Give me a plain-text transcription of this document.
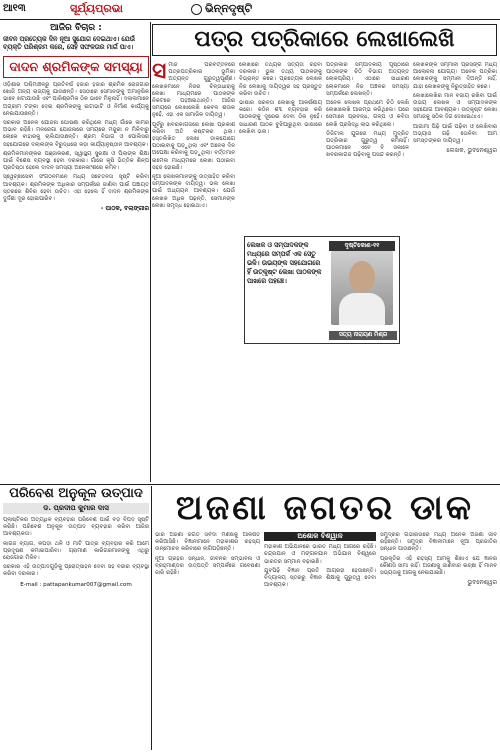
ଆ୧୩	ସୂର୍ଯ୍ୟପ୍ରଭା	ଭିନ୍ନଦୃଷ୍ଟି
ଆଜିର ବିଚାର :
ଜୀବନ ପ୍ରତ୍ୟେକ ଦିନ ନୂଆ ସୁଯୋଗ ଦେଇଥାଏ। ଯେଉଁ ବ୍ୟକ୍ତି ପରିଶ୍ରମ କରେ, ସେହି ସଫଳତାର ମାର୍ଗ ପାଏ।
ଦାଦନ ଶ୍ରମିକଙ୍କ ସମସ୍ୟା

ଓଡ଼ିଶାର ପଶ୍ଚିମାଞ୍ଚଳରୁ ପ୍ରତିବର୍ଷ ହଜାର ହଜାର ଶ୍ରମିକ ରୋଜଗାର ଖୋଜି ଅନ୍ୟ ରାଜ୍ୟକୁ ଯାଉଛନ୍ତି। ସେଠାରେ ସେମାନଙ୍କୁ ଅମାନୁଷିକ ଭାବେ ଖଟାଯାଉଛି ଏବଂ ପାରିଶ୍ରମିକ ଠିକ ଭାବେ ମିଳୁନାହିଁ। ଦଲାଲମାନେ ଅଗ୍ରୀମ ଟଙ୍କା ଦେଇ ଶ୍ରମିକଙ୍କୁ ଇଟାଭାଟି ଓ ନିର୍ମାଣ କାର୍ଯ୍ୟକୁ ନେଇଯାଉଛନ୍ତି।

ସରକାର ଅନେକ ଯୋଜନା ଘୋଷଣା କରିଥିଲେ ମଧ୍ୟ ଗାଁରେ କାମର ଅଭାବ ରହିଛି। ମନରେଗା ଯୋଜନାରେ ସମୟରେ ମଜୁରୀ ନ ମିଳିବାରୁ ଲୋକେ ବାହାରକୁ ଚାଲିଯାଉଛନ୍ତି। ଶ୍ରମ ବିଭାଗ ଓ ପୋଲିସର ସହଯୋଗରେ ଦଲାଲଙ୍କ ବିରୁଦ୍ଧରେ କଡ଼ା କାର୍ଯ୍ୟାନୁଷ୍ଠାନ ଆବଶ୍ୟକ।

ଶ୍ରମିକମାନଙ୍କର ପଞ୍ଜୀକରଣ, ସ୍ୱାସ୍ଥ୍ୟ ସୁରକ୍ଷା ଓ ପିଲାଙ୍କ ଶିକ୍ଷା ପାଇଁ ବିଶେଷ ବ୍ୟବସ୍ଥା ହେବା ଦରକାର। ଗାଁରେ କୃଷି ଭିତ୍ତିକ ଶିଳ୍ପ ପ୍ରତିଷ୍ଠା ହେଲେ ଦାଦନ ସମସ୍ୟା ଅନେକାଂଶରେ କମିବ।

ସ୍ୱେଚ୍ଛାସେବୀ ସଂଗଠନମାନେ ମଧ୍ୟ ସଚେତନତା ସୃଷ୍ଟି କରିବା ଆବଶ୍ୟକ। ଶ୍ରମିକଙ୍କ ଅଧିକାର ସମ୍ପର୍କରେ ଜାଣିବା ପାଇଁ ପଞ୍ଚାୟତ ସ୍ତରରେ ଶିବିର ହେବା ଉଚିତ। ଏହା ହେଲେ ହିଁ ଦାଦନ ଶ୍ରମିକଙ୍କ ଦୁର୍ଦ୍ଦଶା ଦୂର ହୋଇପାରିବ।

- ପାଠକ, ବଲାଙ୍ଗୀର
ପତ୍ର ପତ୍ରିକାରେ ଲେଖାଲେଖି

ସମାଜ ପରିବର୍ତ୍ତନରେ ପତ୍ରପତ୍ରିକାର ଭୂମିକା ଅତ୍ୟନ୍ତ ଗୁରୁତ୍ୱପୂର୍ଣ୍ଣ। ଲେଖକମାନେ ନିଜର ଚିନ୍ତାଧାରାକୁ ଲେଖା ମାଧ୍ୟମରେ ପାଠକଙ୍କ ନିକଟରେ ପହଞ୍ଚାଇଥାନ୍ତି। ଆଜିର ସମୟରେ ଲେଖାଲେଖି କେବଳ ଶଉକ ନୁହେଁ, ଏହା ଏକ ସାମାଜିକ ଦାୟିତ୍ୱ।

ପୂର୍ବରୁ ଖବରକାଗଜରେ ଲେଖା ପ୍ରକାଶ କରିବା ଅତି କଷ୍ଟକର ଥିଲା। ହସ୍ତଲିଖିତ ଲେଖା ଡାକଯୋଗେ ପଠାଇବାକୁ ପଡ଼ୁଥିଲା ଏବଂ ଅନେକ ଦିନ ଅପେକ୍ଷା କରିବାକୁ ପଡ଼ୁଥିଲା। ବର୍ତ୍ତମାନ ଇମେଲ ମାଧ୍ୟମରେ ଲେଖା ପଠାଇବା ସହଜ ହୋଇଛି।

ନୂଆ ଲେଖକମାନଙ୍କୁ ଉତ୍ସାହିତ କରିବା ସମ୍ପାଦକଙ୍କ ଦାୟିତ୍ୱ। ଭଲ ଲେଖା ପାଇଁ ଅଧ୍ୟୟନ ଆବଶ୍ୟକ। ଯେଉଁ ଲେଖକ ଅଧିକ ପଢ଼ନ୍ତି, ସେମାନଙ୍କ ଲେଖା ସମୃଦ୍ଧ ହୋଇଥାଏ।

ଲେଖାରେ ତଥ୍ୟର ସତ୍ୟତା ରହିବା ଦରକାର। ଭୁଲ ତଥ୍ୟ ପାଠକଙ୍କୁ ବିଭ୍ରାନ୍ତ କରେ। ପ୍ରତ୍ୟେକ ଲେଖକ ନିଜ ଲେଖାକୁ ଦାୟିତ୍ୱର ସହ ପ୍ରସ୍ତୁତ କରିବା ଉଚିତ।

ଭାଷାର ସରଳତା ଲେଖାକୁ ଆକର୍ଷଣୀୟ କରେ। କଠିନ ଶବ୍ଦ ବ୍ୟବହାର କରି ପାଠକଙ୍କୁ ଦୂରେଇ ଦେବା ଠିକ ନୁହେଁ। ସାଧାରଣ ପାଠକ ବୁଝିପାରୁଥିବା ଭାଷାରେ ଲେଖିବା ଭଲ।

ପତ୍ରିକାର ସମ୍ପାଦକୀୟ ପୃଷ୍ଠାରେ ପାଠକଙ୍କ ଚିଠି ବିଭାଗ ଅତ୍ୟନ୍ତ ଲୋକପ୍ରିୟ। ଏଠାରେ ସାଧାରଣ ଲୋକମାନେ ନିଜ ଅଞ୍ଚଳର ସମସ୍ୟା ସମ୍ପର୍କରେ ଲେଖନ୍ତି।

ଅନେକ ଲେଖକ ପ୍ରଥମେ ଚିଠି ଲେଖି ଲେଖାଲେଖି ଆରମ୍ଭ କରିଥିଲେ। ପରେ ସେମାନେ ପ୍ରବନ୍ଧ, ଗଳ୍ପ ଓ କବିତା ଲେଖି ପ୍ରସିଦ୍ଧି ଲାଭ କରିଥିଲେ।

ଡିଜିଟାଲ ଯୁଗରେ ମଧ୍ୟ ମୁଦ୍ରିତ ପତ୍ରିକାର ଗୁରୁତ୍ୱ କମିନାହିଁ। ପାଠକମାନେ ଏବେ ବି ସକାଳେ ଖବରକାଗଜ ପଢ଼ିବାକୁ ପସନ୍ଦ କରନ୍ତି।

ଲେଖକଙ୍କ ସମ୍ମାନୀ ପ୍ରସଙ୍ଗ ମଧ୍ୟ ଆଲୋଚନା ଯୋଗ୍ୟ। ଅନେକ ପତ୍ରିକା ଲେଖକଙ୍କୁ ସମ୍ମାନୀ ଦିଅନ୍ତି ନାହିଁ, ଯାହା ଲେଖକଙ୍କୁ ନିରୁତ୍ସାହିତ କରେ।

ଲେଖାଲେଖିର ମାନ ବଜାୟ ରଖିବା ପାଇଁ ଉଭୟ ଲେଖକ ଓ ସମ୍ପାଦକଙ୍କ ସହଯୋଗ ଆବଶ୍ୟକ। ଉତ୍କୃଷ୍ଟ ଲେଖା ସମାଜକୁ ସଠିକ ଦିଗ ଦେଖାଇଥାଏ।

ଆଗାମୀ ପିଢ଼ି ପାଇଁ ପଢ଼ିବା ଓ ଲେଖିବାର ଅଭ୍ୟାସ ଗଢ଼ି ତୋଳିବା ଆମ ସମସ୍ତଙ୍କର ଦାୟିତ୍ୱ।

ଲେଖକ, ଭୁବନେଶ୍ୱର
ଲେଖକ ଓ ସମ୍ପାଦକଙ୍କ ମଧ୍ୟରେ ସମ୍ପର୍କ ଏକ ସେତୁ ଭଳି। ଉଭୟଙ୍କ ସହଯୋଗରେ ହିଁ ଉତ୍କୃଷ୍ଟ ଲେଖା ପାଠକଙ୍କ ପାଖରେ ପହଞ୍ଚେ।
ଦୃଷ୍ଟିକୋଣ-୧୧
ସତ୍ୟ ନାରାୟଣ ମିଶ୍ର
ପରିବେଶ ଅନୁକୂଳ ଉତ୍ପାଦ
ଡ. ପ୍ରଦୀପ କୁମାର ଦାସ

ପ୍ଲାଷ୍ଟିକର ଅତ୍ୟଧିକ ବ୍ୟବହାର ପରିବେଶ ପାଇଁ ବଡ଼ ବିପଦ ସୃଷ୍ଟି କରିଛି। ପରିବେଶ ଅନୁକୂଳ ଉତ୍ପାଦ ବ୍ୟବହାର କରିବା ଆଜିର ଆବଶ୍ୟକତା।

କାଗଜ ବ୍ୟାଗ, କପଡ଼ା ଥଳି ଓ ମାଟି ପାତ୍ର ବ୍ୟବହାର କରି ଆମେ ପ୍ରଦୂଷଣ କମାଇପାରିବା। ଗ୍ରାମୀଣ କାରିଗରମାନଙ୍କୁ ଏଥିରୁ ରୋଜଗାର ମିଳିବ।

ସରକାର ଏହି ଉତ୍ପାଦଗୁଡ଼ିକୁ ପ୍ରୋତ୍ସାହନ ଦେବା ସହ ବଜାର ବ୍ୟବସ୍ଥା କରିବା ଦରକାର।

E-mail : pattapankumar007@gmail.com
ଅଜଣା ଜଗତର ଡାକ

ଭାର ଅଜଣା ଜଗତ ସର୍ବଦା ମଣିଷକୁ ଆକର୍ଷିତ କରିଆସିଛି। ବିଜ୍ଞାନୀମାନେ ମହାକାଶର ରହସ୍ୟ ଉନ୍ମୋଚନ କରିବାରେ ଲାଗିପଡ଼ିଛନ୍ତି।

ନୂଆ ଗ୍ରହର ସନ୍ଧାନ, ଜୀବନର ସମ୍ଭାବନା ଓ ବ୍ରହ୍ମାଣ୍ଡର ଉତ୍ପତ୍ତି ସମ୍ପର୍କରେ ଗବେଷଣା ଜାରି ରହିଛି।

ଅଶୋକ ବିଶ୍ୱାଳ

ମହାକାଶ ଅଭିଯାନରେ ଭାରତ ମଧ୍ୟ ଆଗରେ ରହିଛି। ଚନ୍ଦ୍ରଯାନ ଓ ମଙ୍ଗଳଯାନ ଅଭିଯାନ ବିଶ୍ୱରେ ଭାରତର ସମ୍ମାନ ବଢ଼ାଇଛି।

ଯୁବପିଢ଼ି ବିଜ୍ଞାନ ପ୍ରତି ଆଗ୍ରହୀ ହେଉଛନ୍ତି। ବିଦ୍ୟାଳୟ ସ୍ତରରୁ ବିଜ୍ଞାନ ଶିକ୍ଷାକୁ ଗୁରୁତ୍ୱ ଦେବା ଆବଶ୍ୟକ।

ସମୁଦ୍ରର ଗଭୀରତାରେ ମଧ୍ୟ ଅନେକ ଅଜଣା ଜୀବ ରହିଛନ୍ତି। ସମୁଦ୍ର ବିଜ୍ଞାନୀମାନେ ନୂଆ ପ୍ରଜାତିର ସନ୍ଧାନ ପାଉଛନ୍ତି।

ପ୍ରକୃତିର ଏହି ରହସ୍ୟ ଆମକୁ ଶିଖାଏ ଯେ ଜ୍ଞାନର କୌଣସି ସୀମା ନାହିଁ। ଅଜଣାକୁ ଜାଣିବାର ଇଚ୍ଛା ହିଁ ମାନବ ସଭ୍ୟତାକୁ ଆଗକୁ ନେଇଯାଇଛି।

ଭୁବନେଶ୍ୱର
